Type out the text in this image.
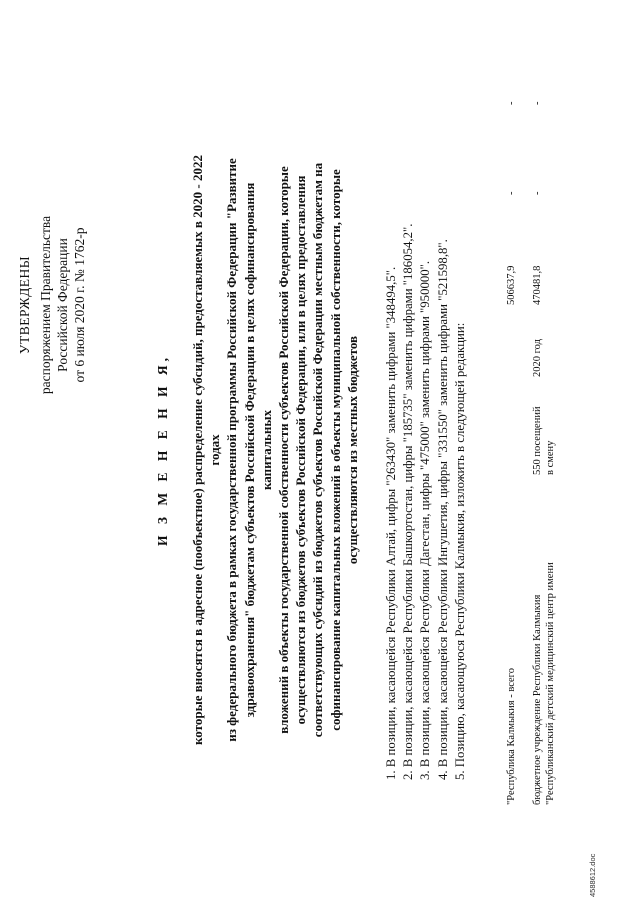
УТВЕРЖДЕНЫ распоряжением Правительства Российской Федерации от 6 июля 2020 г. № 1762-р
И З М Е Н Е Н И Я, которые вносятся в адресное (пообъектное) распределение субсидий, предоставляемых в 2020 - 2022 годах из федерального бюджета в рамках государственной программы Российской Федерации "Развитие здравоохранения" бюджетам субъектов Российской Федерации в целях софинансирования капитальных вложений в объекты государственной собственности субъектов Российской Федерации, которые осуществляются из бюджетов субъектов Российской Федерации, или в целях предоставления соответствующих субсидий из бюджетов субъектов Российской Федерации местным бюджетам на софинансирование капитальных вложений в объекты муниципальной собственности, которые осуществляются из местных бюджетов 1. В позиции, касающейся Республики Алтай, цифры "263430" заменить цифрами "348494,5". 2. В позиции, касающейся Республики Башкортостан, цифры "185735" заменить цифрами "186054,2". 3. В позиции, касающейся Республики Дагестан, цифры "475000" заменить цифрами "950000". 4. В позиции, касающейся Республики Ингушетия, цифры "331550" заменить цифрами "521598,8". 5. Позицию, касающуюся Республики Калмыкия, изложить в следующей редакции:	"Республика Калмыкия - всего
506637,9
-
-
бюджетное учреждение Республики Калмыкия "Республиканский детский медицинский центр имени
550 посещений в смену
2020 год
470481,8
-
-
4588612.doc
